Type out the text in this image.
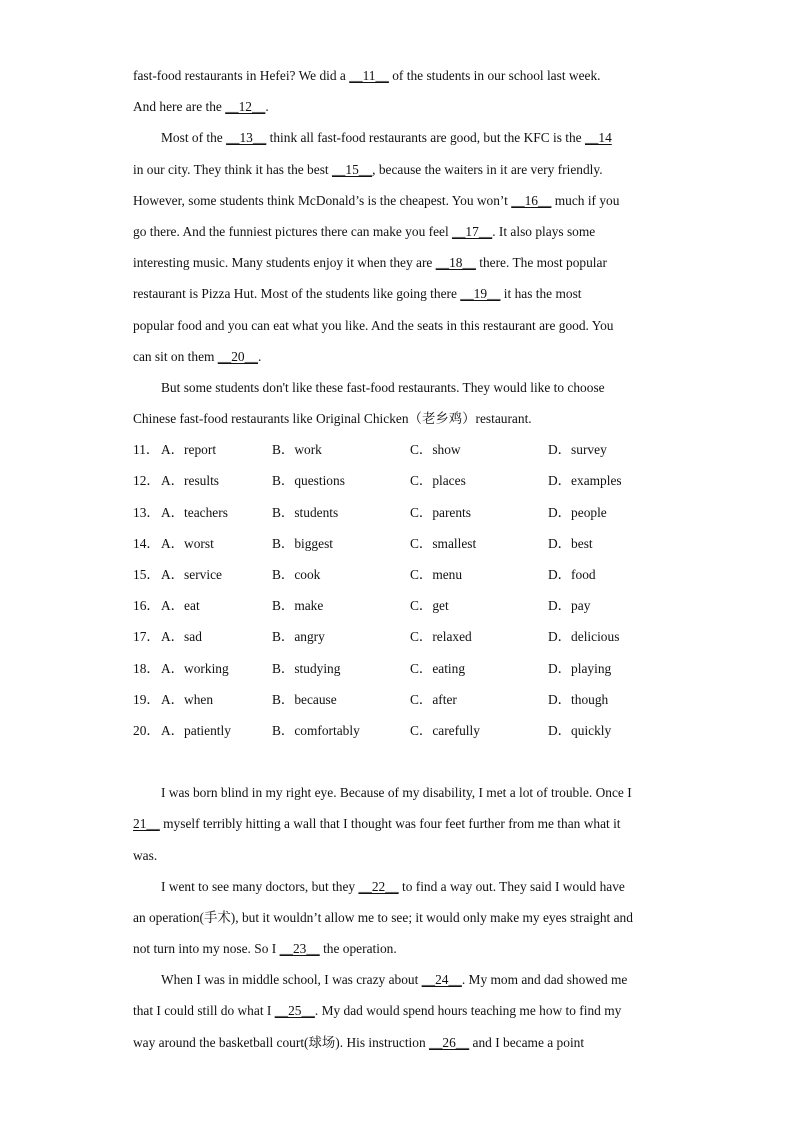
fast-food restaurants in Hefei? We did a __11__ of the students in our school last week.
And here are the __12__.
Most of the __13__ think all fast-food restaurants are good, but the KFC is the __14
in our city. They think it has the best __15__, because the waiters in it are very friendly.
However, some students think McDonald’s is the cheapest. You won’t __16__ much if you
go there. And the funniest pictures there can make you feel __17__. It also plays some
interesting music. Many students enjoy it when they are __18__ there. The most popular
restaurant is Pizza Hut. Most of the students like going there __19__ it has the most
popular food and you can eat what you like. And the seats in this restaurant are good. You
can sit on them __20__.
But some students don't like these fast-food restaurants. They would like to choose
Chinese fast-food restaurants like Original Chicken（老乡鸡）restaurant.
11． A．report	B．work	C．show	D．survey
12． A．results	B．questions	C．places	D．examples
13． A．teachers	B．students	C．parents	D．people
14． A．worst	B．biggest	C．smallest	D．best
15． A．service	B．cook	C．menu	D．food
16． A．eat	B．make	C．get	D．pay
17． A．sad	B．angry	C．relaxed	D．delicious
18． A．working	B．studying	C．eating	D．playing
19． A．when	B．because	C．after	D．though
20． A．patiently	B．comfortably	C．carefully	D．quickly
I was born blind in my right eye. Because of my disability, I met a lot of trouble. Once I
21__ myself terribly hitting a wall that I thought was four feet further from me than what it
was.
I went to see many doctors, but they __22__ to find a way out. They said I would have
an operation(手术), but it wouldn’t allow me to see; it would only make my eyes straight and
not turn into my nose. So I __23__ the operation.
When I was in middle school, I was crazy about __24__. My mom and dad showed me
that I could still do what I __25__. My dad would spend hours teaching me how to find my
way around the basketball court(球场). His instruction __26__ and I became a point
